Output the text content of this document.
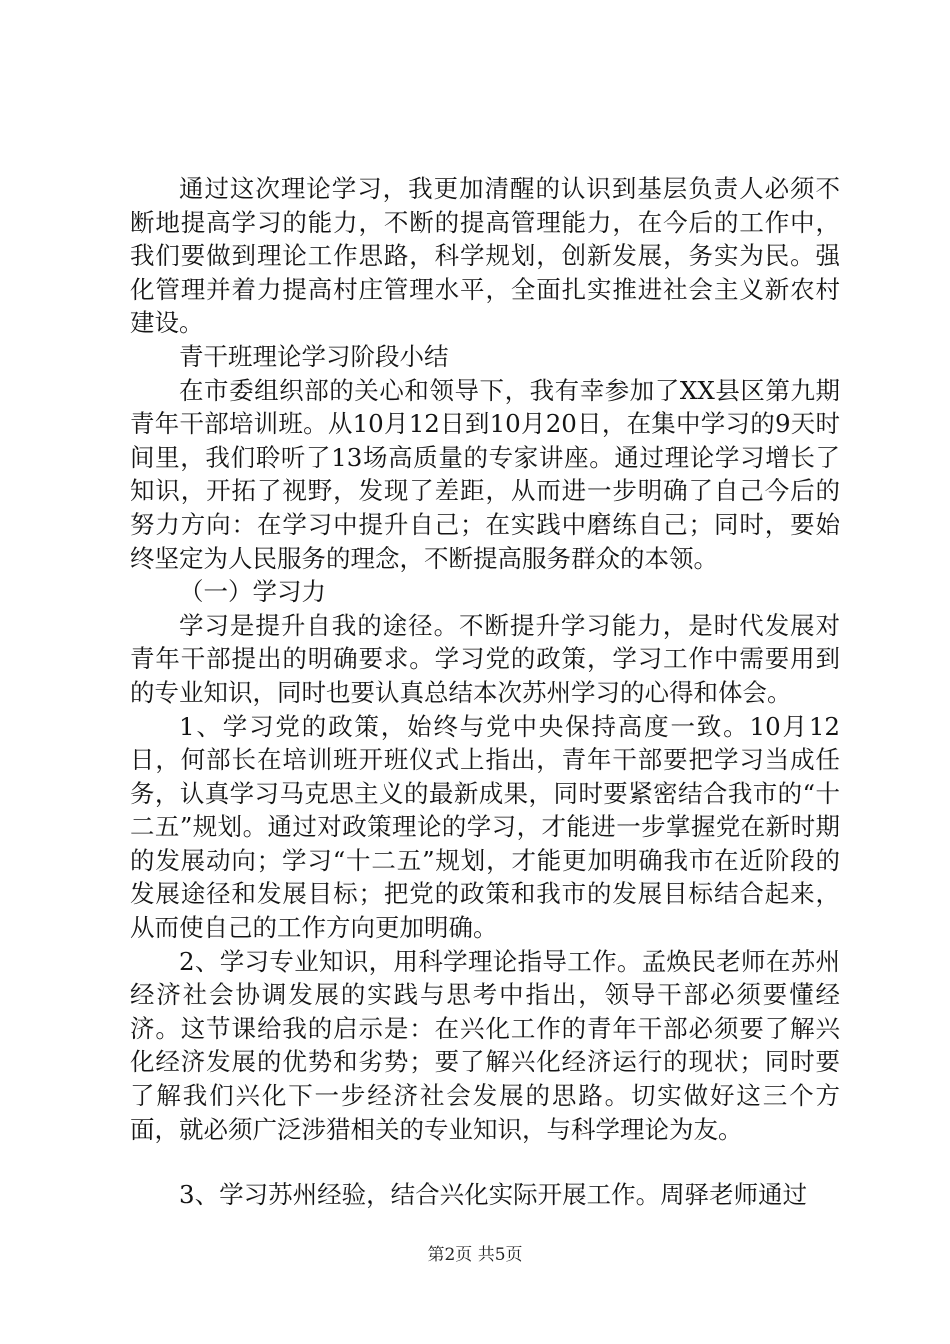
通过这次理论学习，我更加清醒的认识到基层负责人必须不断地提高学习的能力，不断的提高管理能力，在今后的工作中，我们要做到理论工作思路，科学规划，创新发展，务实为民。强化管理并着力提高村庄管理水平，全面扎实推进社会主义新农村建设。

青干班理论学习阶段小结

在市委组织部的关心和领导下，我有幸参加了XX县区第九期青年干部培训班。从10月12日到10月20日，在集中学习的9天时间里，我们聆听了13场高质量的专家讲座。通过理论学习增长了知识，开拓了视野，发现了差距，从而进一步明确了自己今后的努力方向：在学习中提升自己；在实践中磨练自己；同时，要始终坚定为人民服务的理念，不断提高服务群众的本领。

（一）学习力

学习是提升自我的途径。不断提升学习能力，是时代发展对青年干部提出的明确要求。学习党的政策，学习工作中需要用到的专业知识，同时也要认真总结本次苏州学习的心得和体会。

1、学习党的政策，始终与党中央保持高度一致。10月12日，何部长在培训班开班仪式上指出，青年干部要把学习当成任务，认真学习马克思主义的最新成果，同时要紧密结合我市的“十二五”规划。通过对政策理论的学习，才能进一步掌握党在新时期的发展动向；学习“十二五”规划，才能更加明确我市在近阶段的发展途径和发展目标；把党的政策和我市的发展目标结合起来，从而使自己的工作方向更加明确。

2、学习专业知识，用科学理论指导工作。孟焕民老师在苏州经济社会协调发展的实践与思考中指出，领导干部必须要懂经济。这节课给我的启示是：在兴化工作的青年干部必须要了解兴化经济发展的优势和劣势；要了解兴化经济运行的现状；同时要了解我们兴化下一步经济社会发展的思路。切实做好这三个方面，就必须广泛涉猎相关的专业知识，与科学理论为友。

3、学习苏州经验，结合兴化实际开展工作。周驿老师通过

第2页 共5页
